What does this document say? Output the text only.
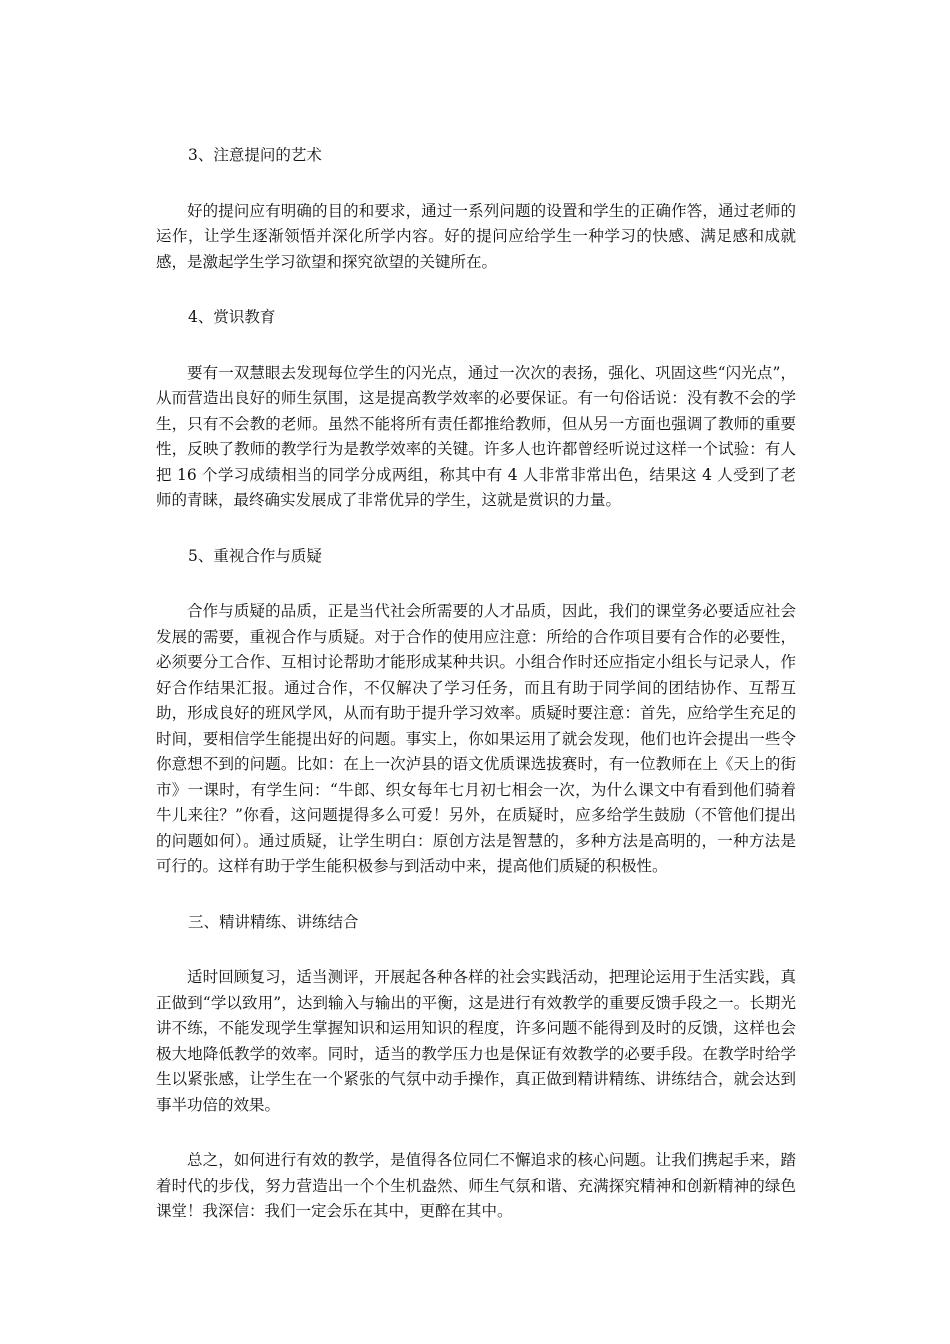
3、注意提问的艺术
好的提问应有明确的目的和要求，通过一系列问题的设置和学生的正确作答，通过老师的运作，让学生逐渐领悟并深化所学内容。好的提问应给学生一种学习的快感、满足感和成就感，是激起学生学习欲望和探究欲望的关键所在。
4、赏识教育
要有一双慧眼去发现每位学生的闪光点，通过一次次的表扬，强化、巩固这些“闪光点”，从而营造出良好的师生氛围，这是提高教学效率的必要保证。有一句俗话说：没有教不会的学生，只有不会教的老师。虽然不能将所有责任都推给教师，但从另一方面也强调了教师的重要性，反映了教师的教学行为是教学效率的关键。许多人也许都曾经听说过这样一个试验：有人把 16 个学习成绩相当的同学分成两组，称其中有 4 人非常非常出色，结果这 4 人受到了老师的青睐，最终确实发展成了非常优异的学生，这就是赏识的力量。
5、重视合作与质疑
合作与质疑的品质，正是当代社会所需要的人才品质，因此，我们的课堂务必要适应社会发展的需要，重视合作与质疑。对于合作的使用应注意：所给的合作项目要有合作的必要性，必须要分工合作、互相讨论帮助才能形成某种共识。小组合作时还应指定小组长与记录人，作好合作结果汇报。通过合作，不仅解决了学习任务，而且有助于同学间的团结协作、互帮互助，形成良好的班风学风，从而有助于提升学习效率。质疑时要注意：首先，应给学生充足的时间，要相信学生能提出好的问题。事实上，你如果运用了就会发现，他们也许会提出一些令你意想不到的问题。比如：在上一次泸县的语文优质课选拔赛时，有一位教师在上《天上的街市》一课时，有学生问：“牛郎、织女每年七月初七相会一次，为什么课文中有看到他们骑着牛儿来往？”你看，这问题提得多么可爱！另外，在质疑时，应多给学生鼓励（不管他们提出的问题如何）。通过质疑，让学生明白：原创方法是智慧的，多种方法是高明的，一种方法是可行的。这样有助于学生能积极参与到活动中来，提高他们质疑的积极性。
三、精讲精练、讲练结合
适时回顾复习，适当测评，开展起各种各样的社会实践活动，把理论运用于生活实践，真正做到“学以致用”，达到输入与输出的平衡，这是进行有效教学的重要反馈手段之一。长期光讲不练，不能发现学生掌握知识和运用知识的程度，许多问题不能得到及时的反馈，这样也会极大地降低教学的效率。同时，适当的教学压力也是保证有效教学的必要手段。在教学时给学生以紧张感，让学生在一个紧张的气氛中动手操作，真正做到精讲精练、讲练结合，就会达到事半功倍的效果。
总之，如何进行有效的教学，是值得各位同仁不懈追求的核心问题。让我们携起手来，踏着时代的步伐，努力营造出一个个生机盎然、师生气氛和谐、充满探究精神和创新精神的绿色课堂！我深信：我们一定会乐在其中，更醉在其中。
